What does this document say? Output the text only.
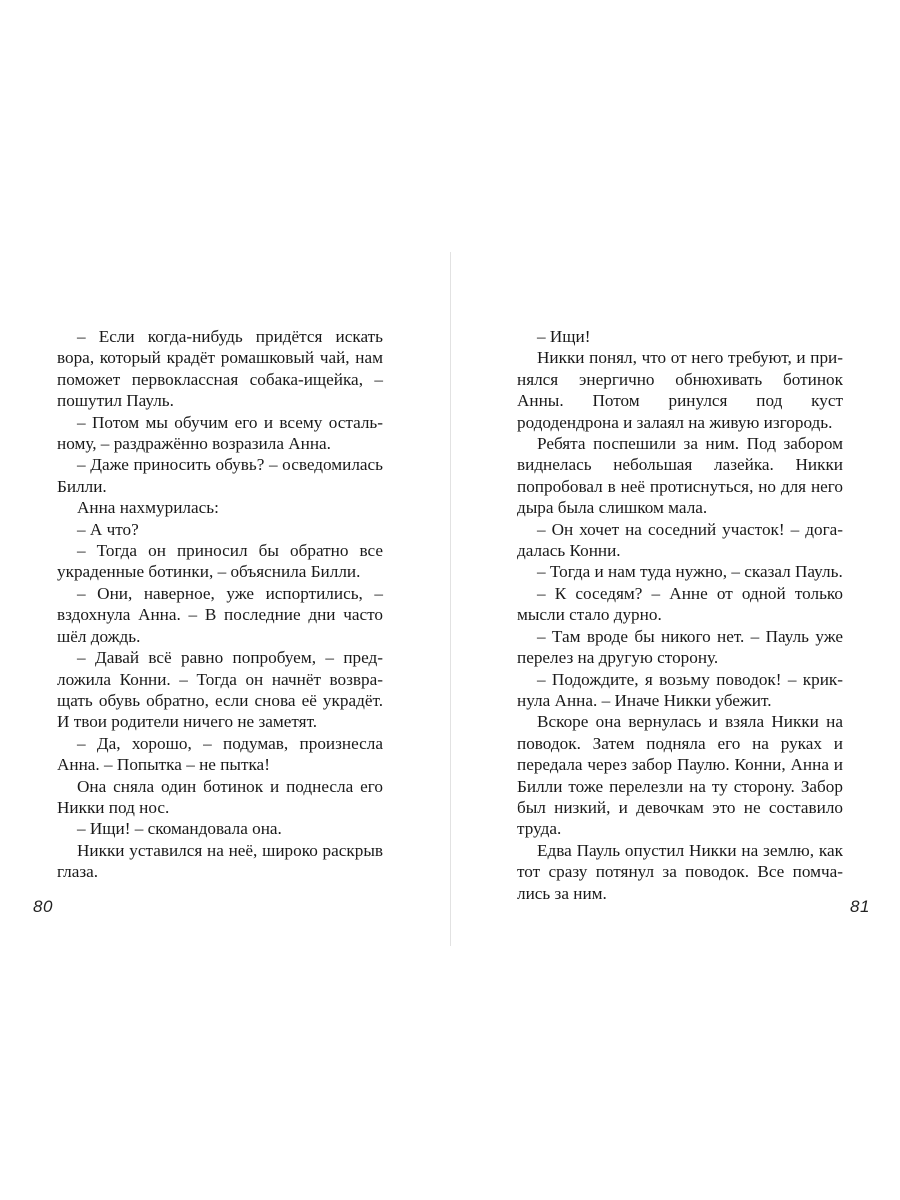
– Если когда-нибудь придётся искать вора, который крадёт ромашковый чай, нам поможет первоклассная собака-ищейка, – пошутил Пауль.

– Потом мы обучим его и всему остальному, – раздражённо возразила Анна.

– Даже приносить обувь? – осведомилась Билли.

Анна нахмурилась:

– А что?

– Тогда он приносил бы обратно все украденные ботинки, – объяснила Билли.

– Они, наверное, уже испортились, – вздохнула Анна. – В последние дни часто шёл дождь.

– Давай всё равно попробуем, – предложила Конни. – Тогда он начнёт возвращать обувь обратно, если снова её украдёт. И твои родители ничего не заметят.

– Да, хорошо, – подумав, произнесла Анна. – Попытка – не пытка!

Она сняла один ботинок и поднесла его Никки под нос.

– Ищи! – скомандовала она.

Никки уставился на неё, широко раскрыв глаза.

– Ищи!

Никки понял, что от него требуют, и принялся энергично обнюхивать ботинок Анны. Потом ринулся под куст рододендрона и залаял на живую изгородь.

Ребята поспешили за ним. Под забором виднелась небольшая лазейка. Никки попробовал в неё протиснуться, но для него дыра была слишком мала.

– Он хочет на соседний участок! – догадалась Конни.

– Тогда и нам туда нужно, – сказал Пауль.

– К соседям? – Анне от одной только мысли стало дурно.

– Там вроде бы никого нет. – Пауль уже перелез на другую сторону.

– Подождите, я возьму поводок! – крикнула Анна. – Иначе Никки убежит.

Вскоре она вернулась и взяла Никки на поводок. Затем подняла его на руках и передала через забор Паулю. Конни, Анна и Билли тоже перелезли на ту сторону. Забор был низкий, и девочкам это не составило труда.

Едва Пауль опустил Никки на землю, как тот сразу потянул за поводок. Все помчались за ним.

80	81
